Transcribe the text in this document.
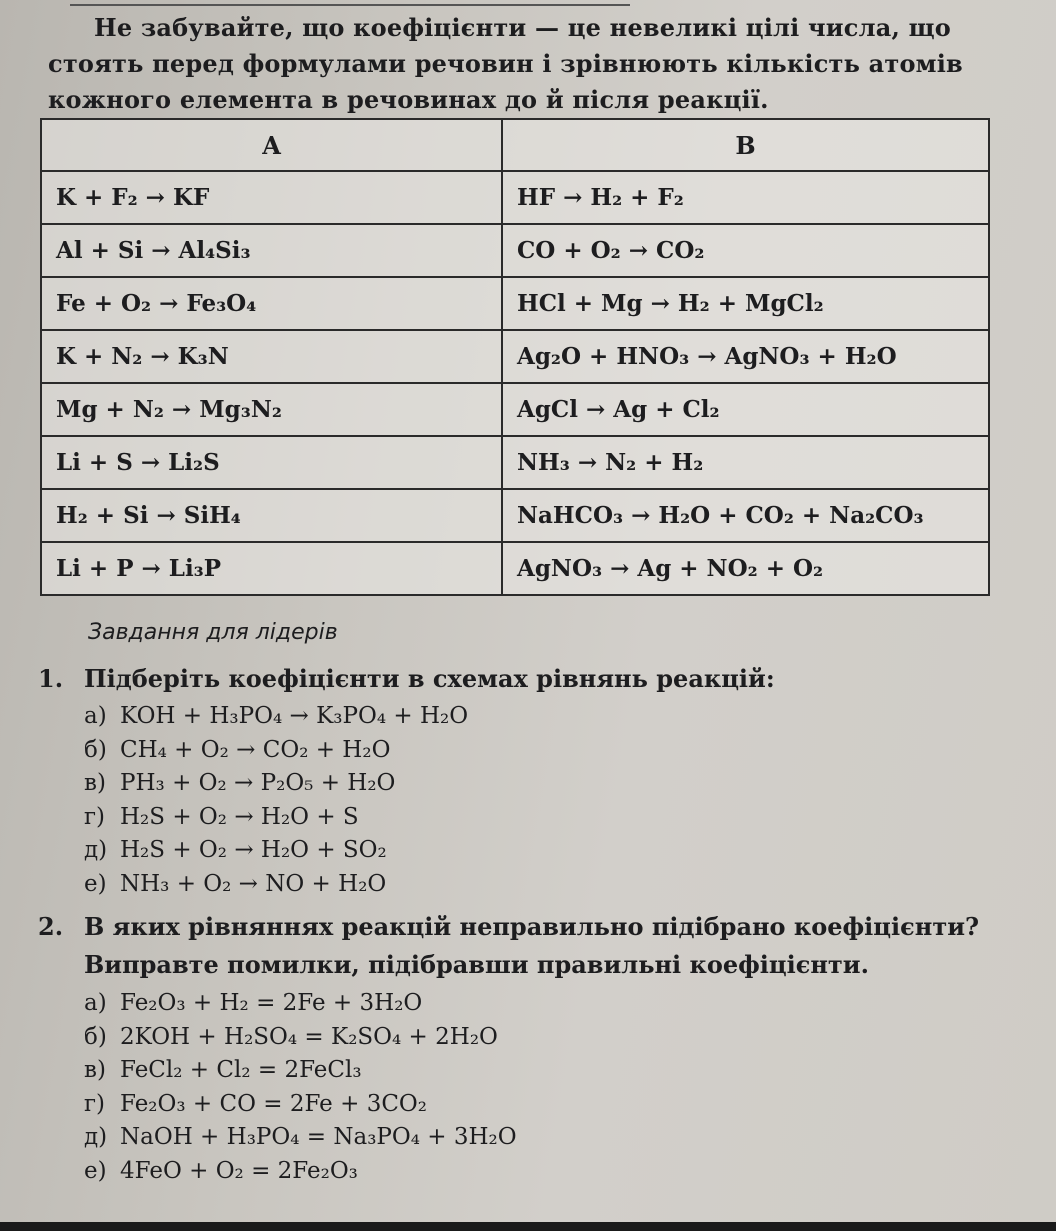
Не забувайте, що коефіцієнти — це невеликі цілі числа, що
стоять перед формулами речовин і зрівнюють кількість атомів
кожного елемента в речовинах до й після реакції.
A	B
K + F₂ → KF	HF → H₂ + F₂
Al + Si → Al₄Si₃	CO + O₂ → CO₂
Fe + O₂ → Fe₃O₄	HCl + Mg → H₂ + MgCl₂
K + N₂ → K₃N	Ag₂O + HNO₃ → AgNO₃ + H₂O
Mg + N₂ → Mg₃N₂	AgCl → Ag + Cl₂
Li + S → Li₂S	NH₃ → N₂ + H₂
H₂ + Si → SiH₄	NaHCO₃ → H₂O + CO₂ + Na₂CO₃
Li + P → Li₃P	AgNO₃ → Ag + NO₂ + O₂
Завдання для лідерів
1. Підберіть коефіцієнти в схемах рівнянь реакцій:
а) KOH + H₃PO₄ → K₃PO₄ + H₂O
б) CH₄ + O₂ → CO₂ + H₂O
в) PH₃ + O₂ → P₂O₅ + H₂O
г) H₂S + O₂ → H₂O + S
д) H₂S + O₂ → H₂O + SO₂
е) NH₃ + O₂ → NO + H₂O
2. В яких рівняннях реакцій неправильно підібрано коефіцієнти?
Виправте помилки, підібравши правильні коефіцієнти.
а) Fe₂O₃ + H₂ = 2Fe + 3H₂O
б) 2KOH + H₂SO₄ = K₂SO₄ + 2H₂O
в) FeCl₂ + Cl₂ = 2FeCl₃
г) Fe₂O₃ + CO = 2Fe + 3CO₂
д) NaOH + H₃PO₄ = Na₃PO₄ + 3H₂O
е) 4FeO + O₂ = 2Fe₂O₃
